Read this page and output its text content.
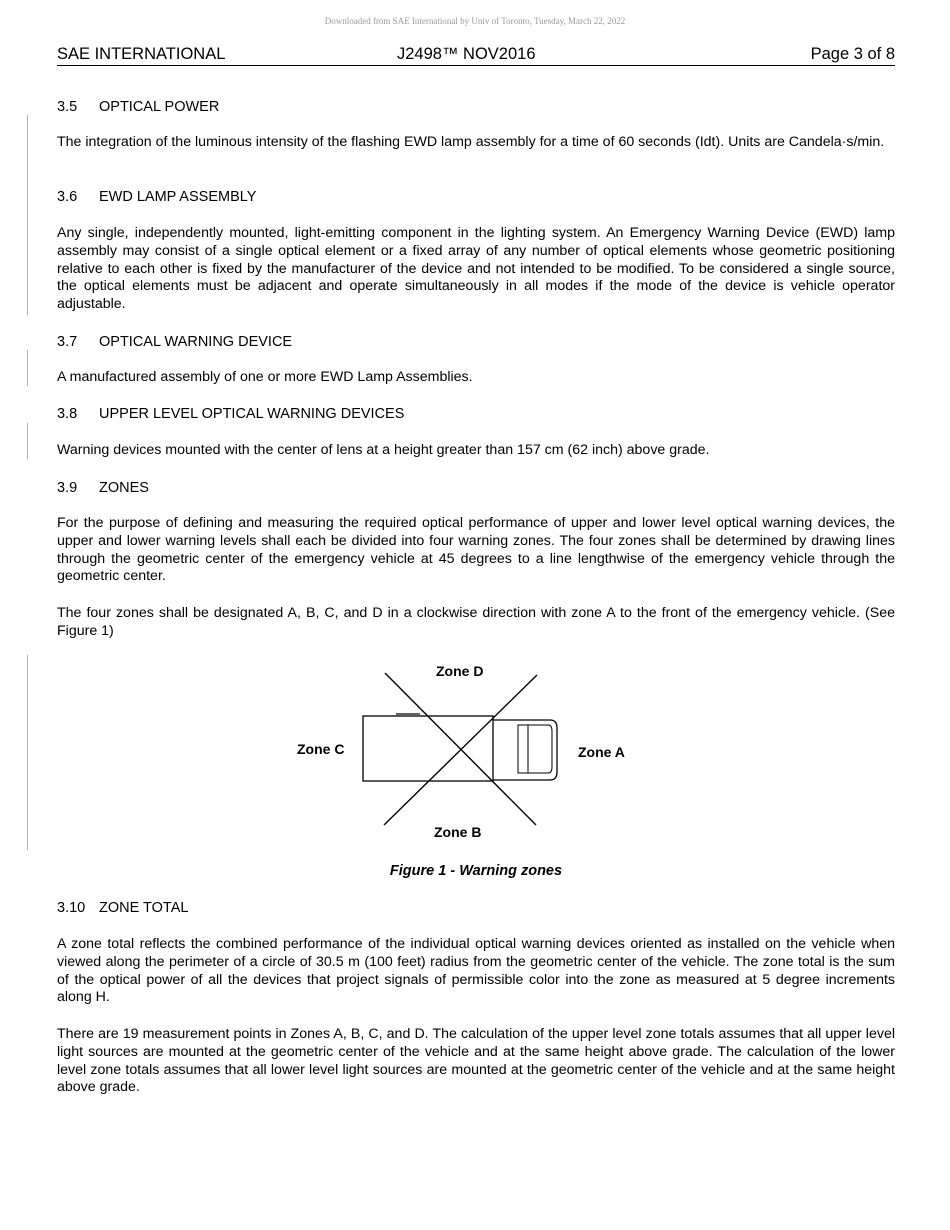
Downloaded from SAE International by Univ of Toronto, Tuesday, March 22, 2022
SAE INTERNATIONAL	J2498™ NOV2016	Page 3 of 8
3.5 OPTICAL POWER
The integration of the luminous intensity of the flashing EWD lamp assembly for a time of 60 seconds (Idt). Units are Candela·s/min.
3.6 EWD LAMP ASSEMBLY
Any single, independently mounted, light-emitting component in the lighting system. An Emergency Warning Device (EWD) lamp assembly may consist of a single optical element or a fixed array of any number of optical elements whose geometric positioning relative to each other is fixed by the manufacturer of the device and not intended to be modified. To be considered a single source, the optical elements must be adjacent and operate simultaneously in all modes if the mode of the device is vehicle operator adjustable.
3.7 OPTICAL WARNING DEVICE
A manufactured assembly of one or more EWD Lamp Assemblies.
3.8 UPPER LEVEL OPTICAL WARNING DEVICES
Warning devices mounted with the center of lens at a height greater than 157 cm (62 inch) above grade.
3.9 ZONES
For the purpose of defining and measuring the required optical performance of upper and lower level optical warning devices, the upper and lower warning levels shall each be divided into four warning zones. The four zones shall be determined by drawing lines through the geometric center of the emergency vehicle at 45 degrees to a line lengthwise of the emergency vehicle through the geometric center.
The four zones shall be designated A, B, C, and D in a clockwise direction with zone A to the front of the emergency vehicle. (See Figure 1)
Zone D
Zone C	Zone A
Zone B
Figure 1 - Warning zones
3.10 ZONE TOTAL
A zone total reflects the combined performance of the individual optical warning devices oriented as installed on the vehicle when viewed along the perimeter of a circle of 30.5 m (100 feet) radius from the geometric center of the vehicle. The zone total is the sum of the optical power of all the devices that project signals of permissible color into the zone as measured at 5 degree increments along H.
There are 19 measurement points in Zones A, B, C, and D. The calculation of the upper level zone totals assumes that all upper level light sources are mounted at the geometric center of the vehicle and at the same height above grade. The calculation of the lower level zone totals assumes that all lower level light sources are mounted at the geometric center of the vehicle and at the same height above grade.
